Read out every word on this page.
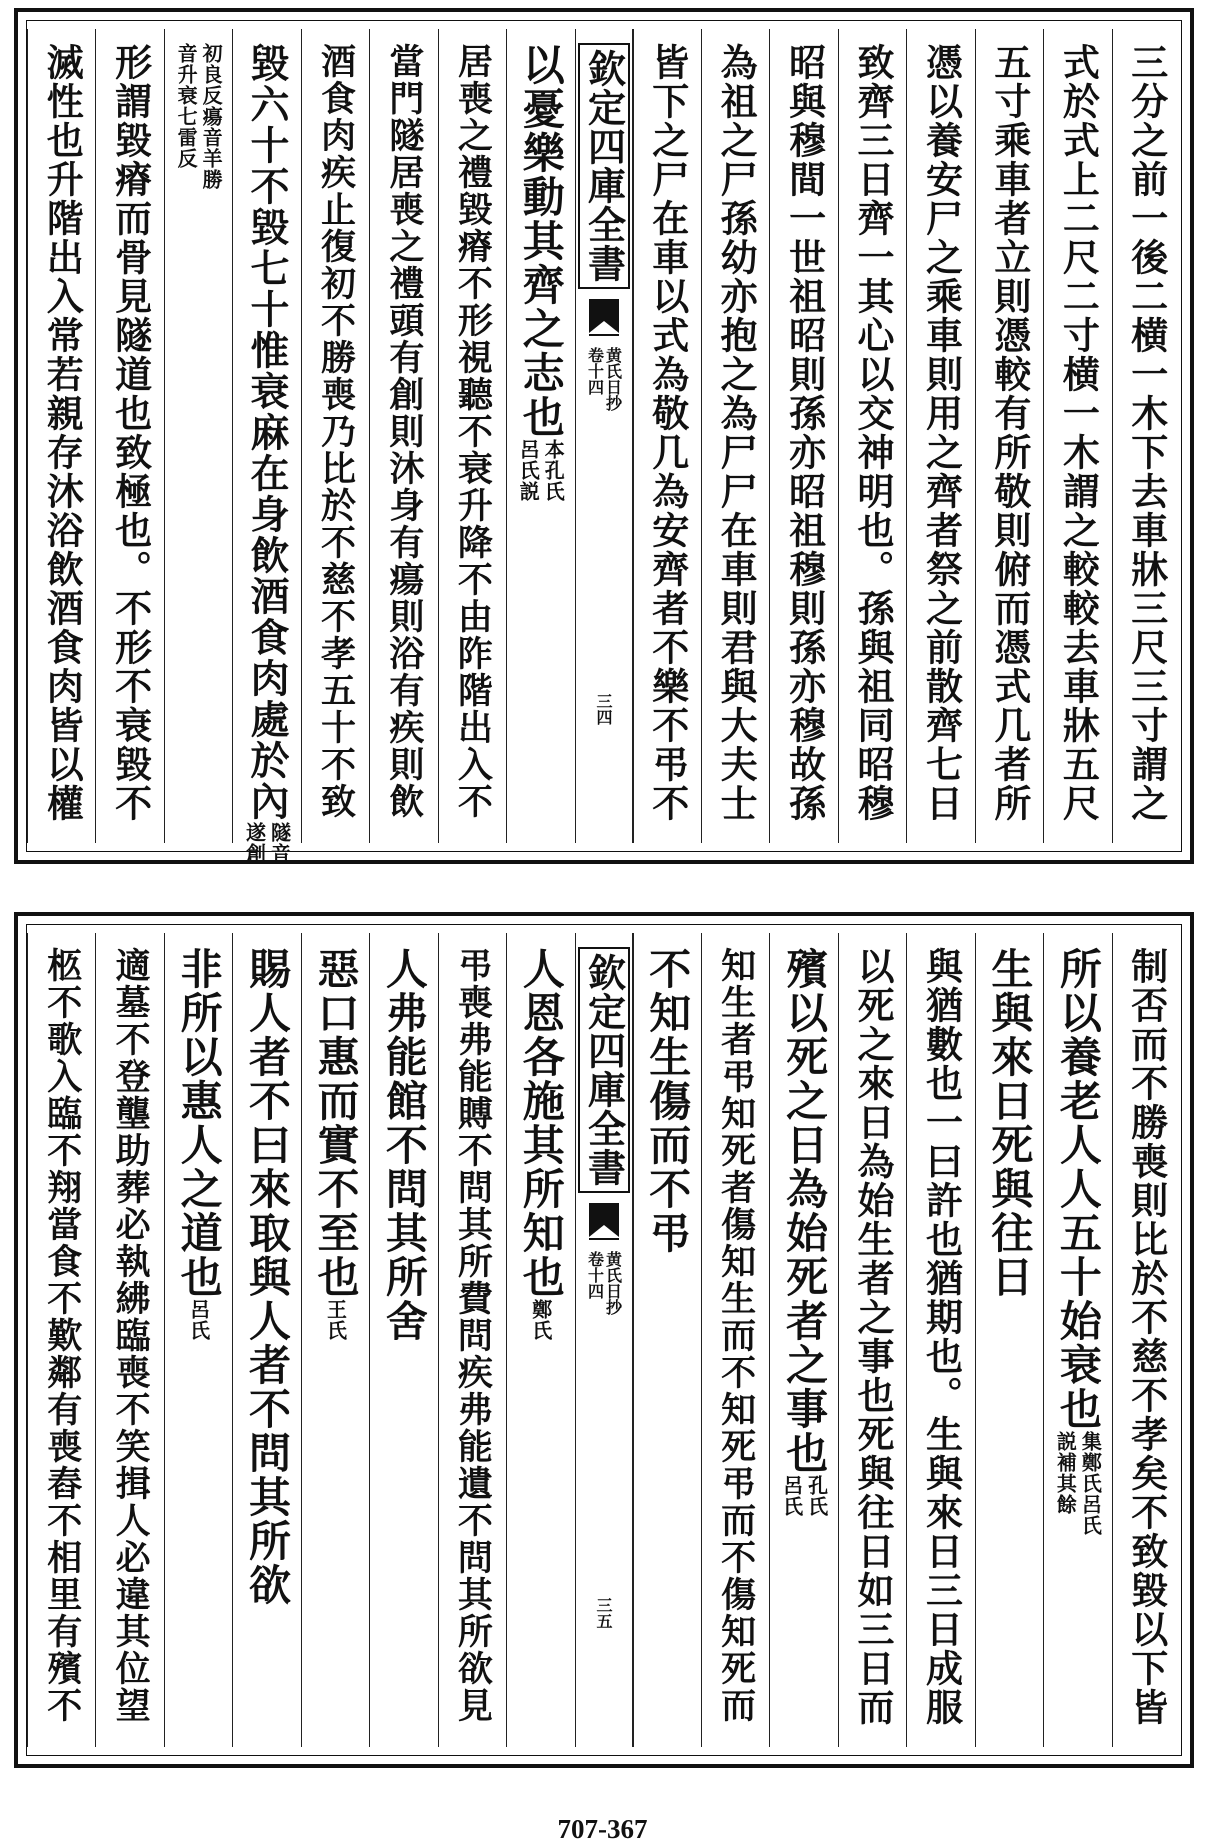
三分之前一後二横一木下去車牀三尺三寸謂之
式於式上二尺二寸横一木謂之較較去車牀五尺
五寸乘車者立則憑較有所敬則俯而憑式几者所
憑以養安尸之乘車則用之齊者祭之前散齊七日
致齊三日齊一其心以交神明也。孫與祖同昭穆
昭與穆間一世祖昭則孫亦昭祖穆則孫亦穆故孫
為祖之尸孫幼亦抱之為尸尸在車則君與大夫士
皆下之尸在車以式為敬几為安齊者不樂不弔不
欽定四庫全書
黄氏日抄
卷十四
三四
以憂樂動其齊之志也
本孔氏
呂氏説
居喪之禮毀瘠不形視聽不衰升降不由阼階出入不
當門隧居喪之禮頭有創則沐身有瘍則浴有疾則飲
酒食肉疾止復初不勝喪乃比於不慈不孝五十不致
毀六十不毀七十惟衰麻在身飲酒食肉處於內
隧音
遂創
初良反瘍音羊勝
音升衰七雷反
形謂毀瘠而骨見隧道也致極也。不形不衰毀不
滅性也升階出入常若親存沐浴飲酒食肉皆以權
制否而不勝喪則比於不慈不孝矣不致毀以下皆
所以養老人人五十始衰也
集鄭氏呂氏
説補其餘
生與來日死與往日
與猶數也一曰許也猶期也。生與來日三日成服
以死之來日為始生者之事也死與往日如三日而
殯以死之日為始死者之事也
孔氏
呂氏
知生者弔知死者傷知生而不知死弔而不傷知死而
不知生傷而不弔
欽定四庫全書
黄氏日抄
卷十四
三五
人恩各施其所知也
鄭氏
弔喪弗能賻不問其所費問疾弗能遺不問其所欲見
人弗能館不問其所舍
惡口惠而實不至也
王氏
賜人者不曰來取與人者不問其所欲
非所以惠人之道也
呂氏
適墓不登壟助葬必執紼臨喪不笑揖人必違其位望
柩不歌入臨不翔當食不歎鄰有喪舂不相里有殯不
707-367
